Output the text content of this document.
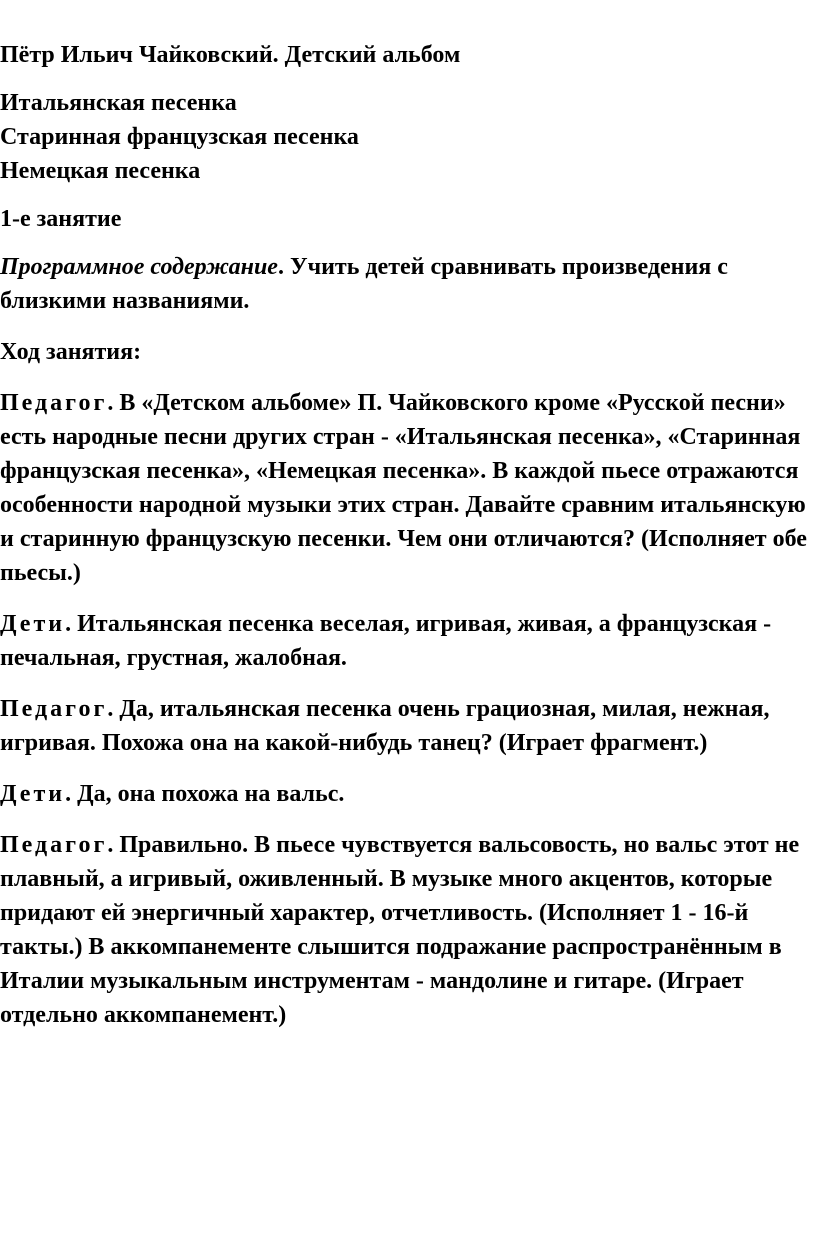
Пётр Ильич Чайковский. Детский альбом

Итальянская песенка
Старинная французская песенка
Немецкая песенка

1-е занятие

Программное содержание. Учить детей сравнивать произведения с близкими названиями.

Ход занятия:

Педагог. В «Детском альбоме» П. Чайковского кроме «Русской песни» есть народные песни других стран - «Итальянская песенка», «Старинная французская песенка», «Немецкая песенка». В каждой пьесе отражаются особенности народной музыки этих стран. Давайте сравним итальянскую и старинную французскую песенки. Чем они отличаются? (Исполняет обе пьесы.)

Дети. Итальянская песенка веселая, игривая, живая, а французская - печальная, грустная, жалобная.

Педагог. Да, итальянская песенка очень грациозная, милая, нежная, игривая. Похожа она на какой-нибудь танец? (Играет фрагмент.)

Дети. Да, она похожа на вальс.

Педагог. Правильно. В пьесе чувствуется вальсовость, но вальс этот не плавный, а игривый, оживленный. В музыке много акцентов, которые придают ей энергичный характер, отчетливость. (Исполняет 1 - 16-й такты.) В аккомпанементе слышится подражание распространённым в Италии музыкальным инструментам - мандолине и гитаре. (Играет отдельно аккомпанемент.)
